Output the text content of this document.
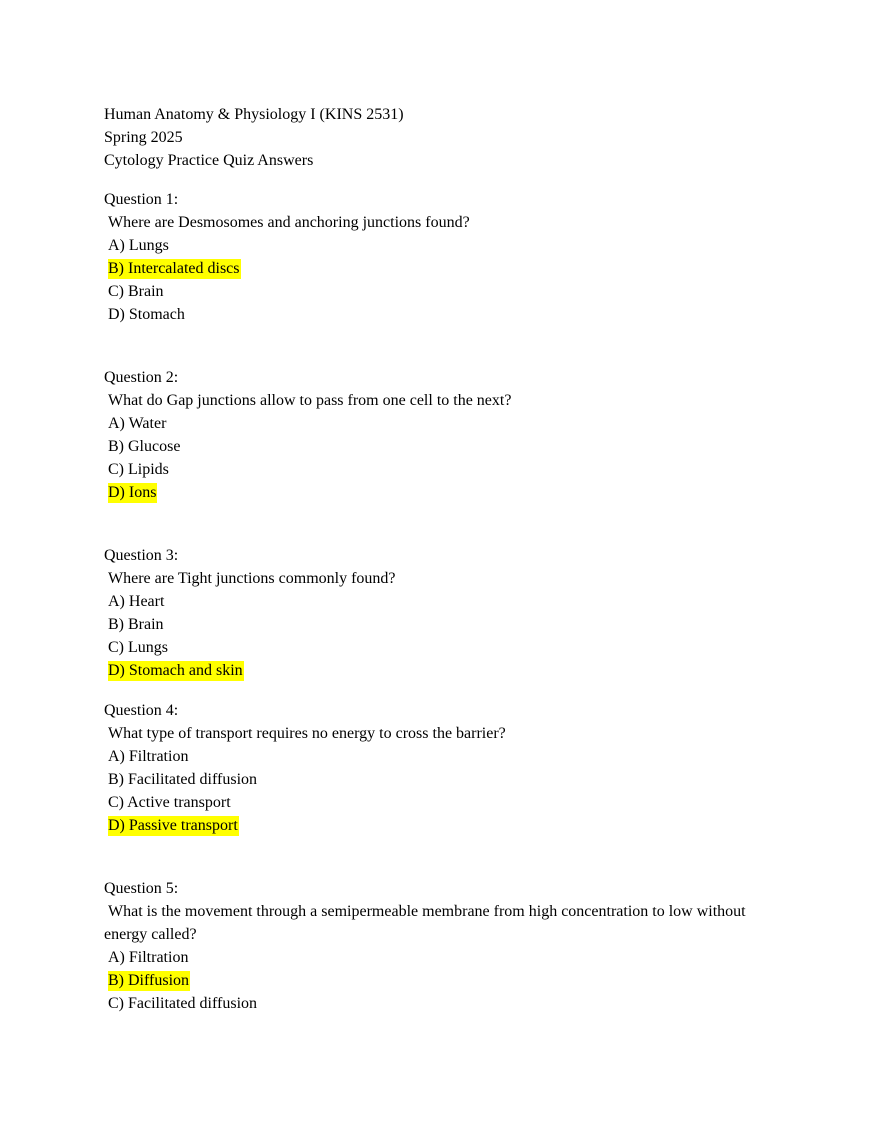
Human Anatomy & Physiology I (KINS 2531)
Spring 2025
Cytology Practice Quiz Answers
Question 1:
Where are Desmosomes and anchoring junctions found?
A) Lungs
B) Intercalated discs
C) Brain
D) Stomach
Question 2:
What do Gap junctions allow to pass from one cell to the next?
A) Water
B) Glucose
C) Lipids
D) Ions
Question 3:
Where are Tight junctions commonly found?
A) Heart
B) Brain
C) Lungs
D) Stomach and skin
Question 4:
What type of transport requires no energy to cross the barrier?
A) Filtration
B) Facilitated diffusion
C) Active transport
D) Passive transport
Question 5:
What is the movement through a semipermeable membrane from high concentration to low without energy called?
A) Filtration
B) Diffusion
C) Facilitated diffusion
